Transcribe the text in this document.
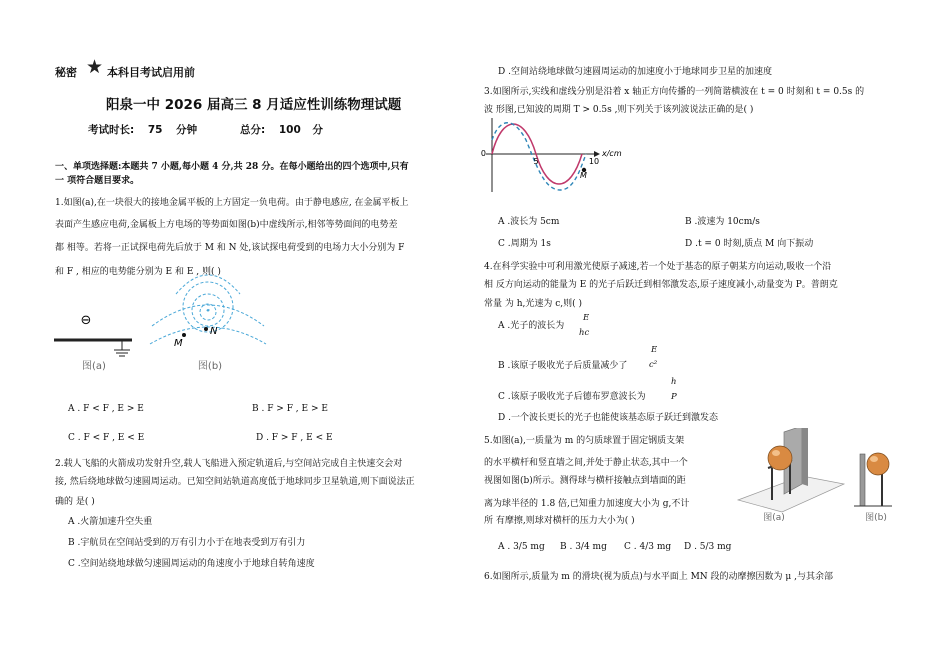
秘密 ★ 本科目考试启用前
阳泉一中 2026 届高三 8 月适应性训练物理试题
考试时长: 75 分钟	总分: 100 分
一、单项选择题:本题共 7 小题,每小题 4 分,共 28 分。在每小题给出的四个选项中,只有
一 项符合题目要求。
1.如图(a),在一块很大的接地金属平板的上方固定一负电荷。由于静电感应, 在金属平板上
表面产生感应电荷,金属板上方电场的等势面如图(b)中虚线所示,相邻等势面间的电势差
都 相等。若将一正试探电荷先后放于 M 和 N 处,该试探电荷受到的电场力大小分别为 F
和 F , 相应的电势能分别为 E 和 E , 则( )
⊖
图(a)
N
M
图(b)
A . F < F , E > E	B . F > F , E > E
C . F < F , E < E	D . F > F , E < E
2.载人飞船的火箭成功发射升空,载人飞船进入预定轨道后,与空间站完成自主快速交会对
接, 然后绕地球做匀速圆周运动。已知空间站轨道高度低于地球同步卫星轨道,则下面说法正
确的 是( )
A .火箭加速升空失重
B .宇航员在空间站受到的万有引力小于在地表受到万有引力
C .空间站绕地球做匀速圆周运动的角速度小于地球自转角速度
D .空间站绕地球做匀速圆周运动的加速度小于地球同步卫星的加速度
3.如图所示,实线和虚线分别是沿着 x 轴正方向传播的一列简谐横波在 t = 0 时刻和 t = 0.5s 的
波 形图,已知波的周期 T > 0.5s ,则下列关于该列波说法正确的是( )
0
5	10
x/cm
M
A .波长为 5cm	B .波速为 10cm/s
C .周期为 1s	D .t = 0 时刻,质点 M 向下振动
4.在科学实验中可利用激光使原子减速,若一个处于基态的原子朝某方向运动,吸收一个沿
相 反方向运动的能量为 E 的光子后跃迁到相邻激发态,原子速度减小,动量变为 P。普朗克
常量 为 h,光速为 c,则( )
A .光子的波长为
E
hc
B .该原子吸收光子后质量减少了
E
c²
C .该原子吸收光子后德布罗意波长为
h
P
D .一个波长更长的光子也能使该基态原子跃迁到激发态
5.如图(a),一质量为 m 的匀质球置于固定钢质支架
的水平横杆和竖直墙之间,并处于静止状态,其中一个
视图如图(b)所示。测得球与横杆接触点到墙面的距
离为球半径的 1.8 倍,已知重力加速度大小为 g,不计
所 有摩擦,则球对横杆的压力大小为( )
A . 3/5 mg B . 3/4 mg C . 4/3 mg D . 5/3 mg
图(a)	图(b)
6.如图所示,质量为 m 的滑块(视为质点)与水平面上 MN 段的动摩擦因数为 μ ,与其余部
